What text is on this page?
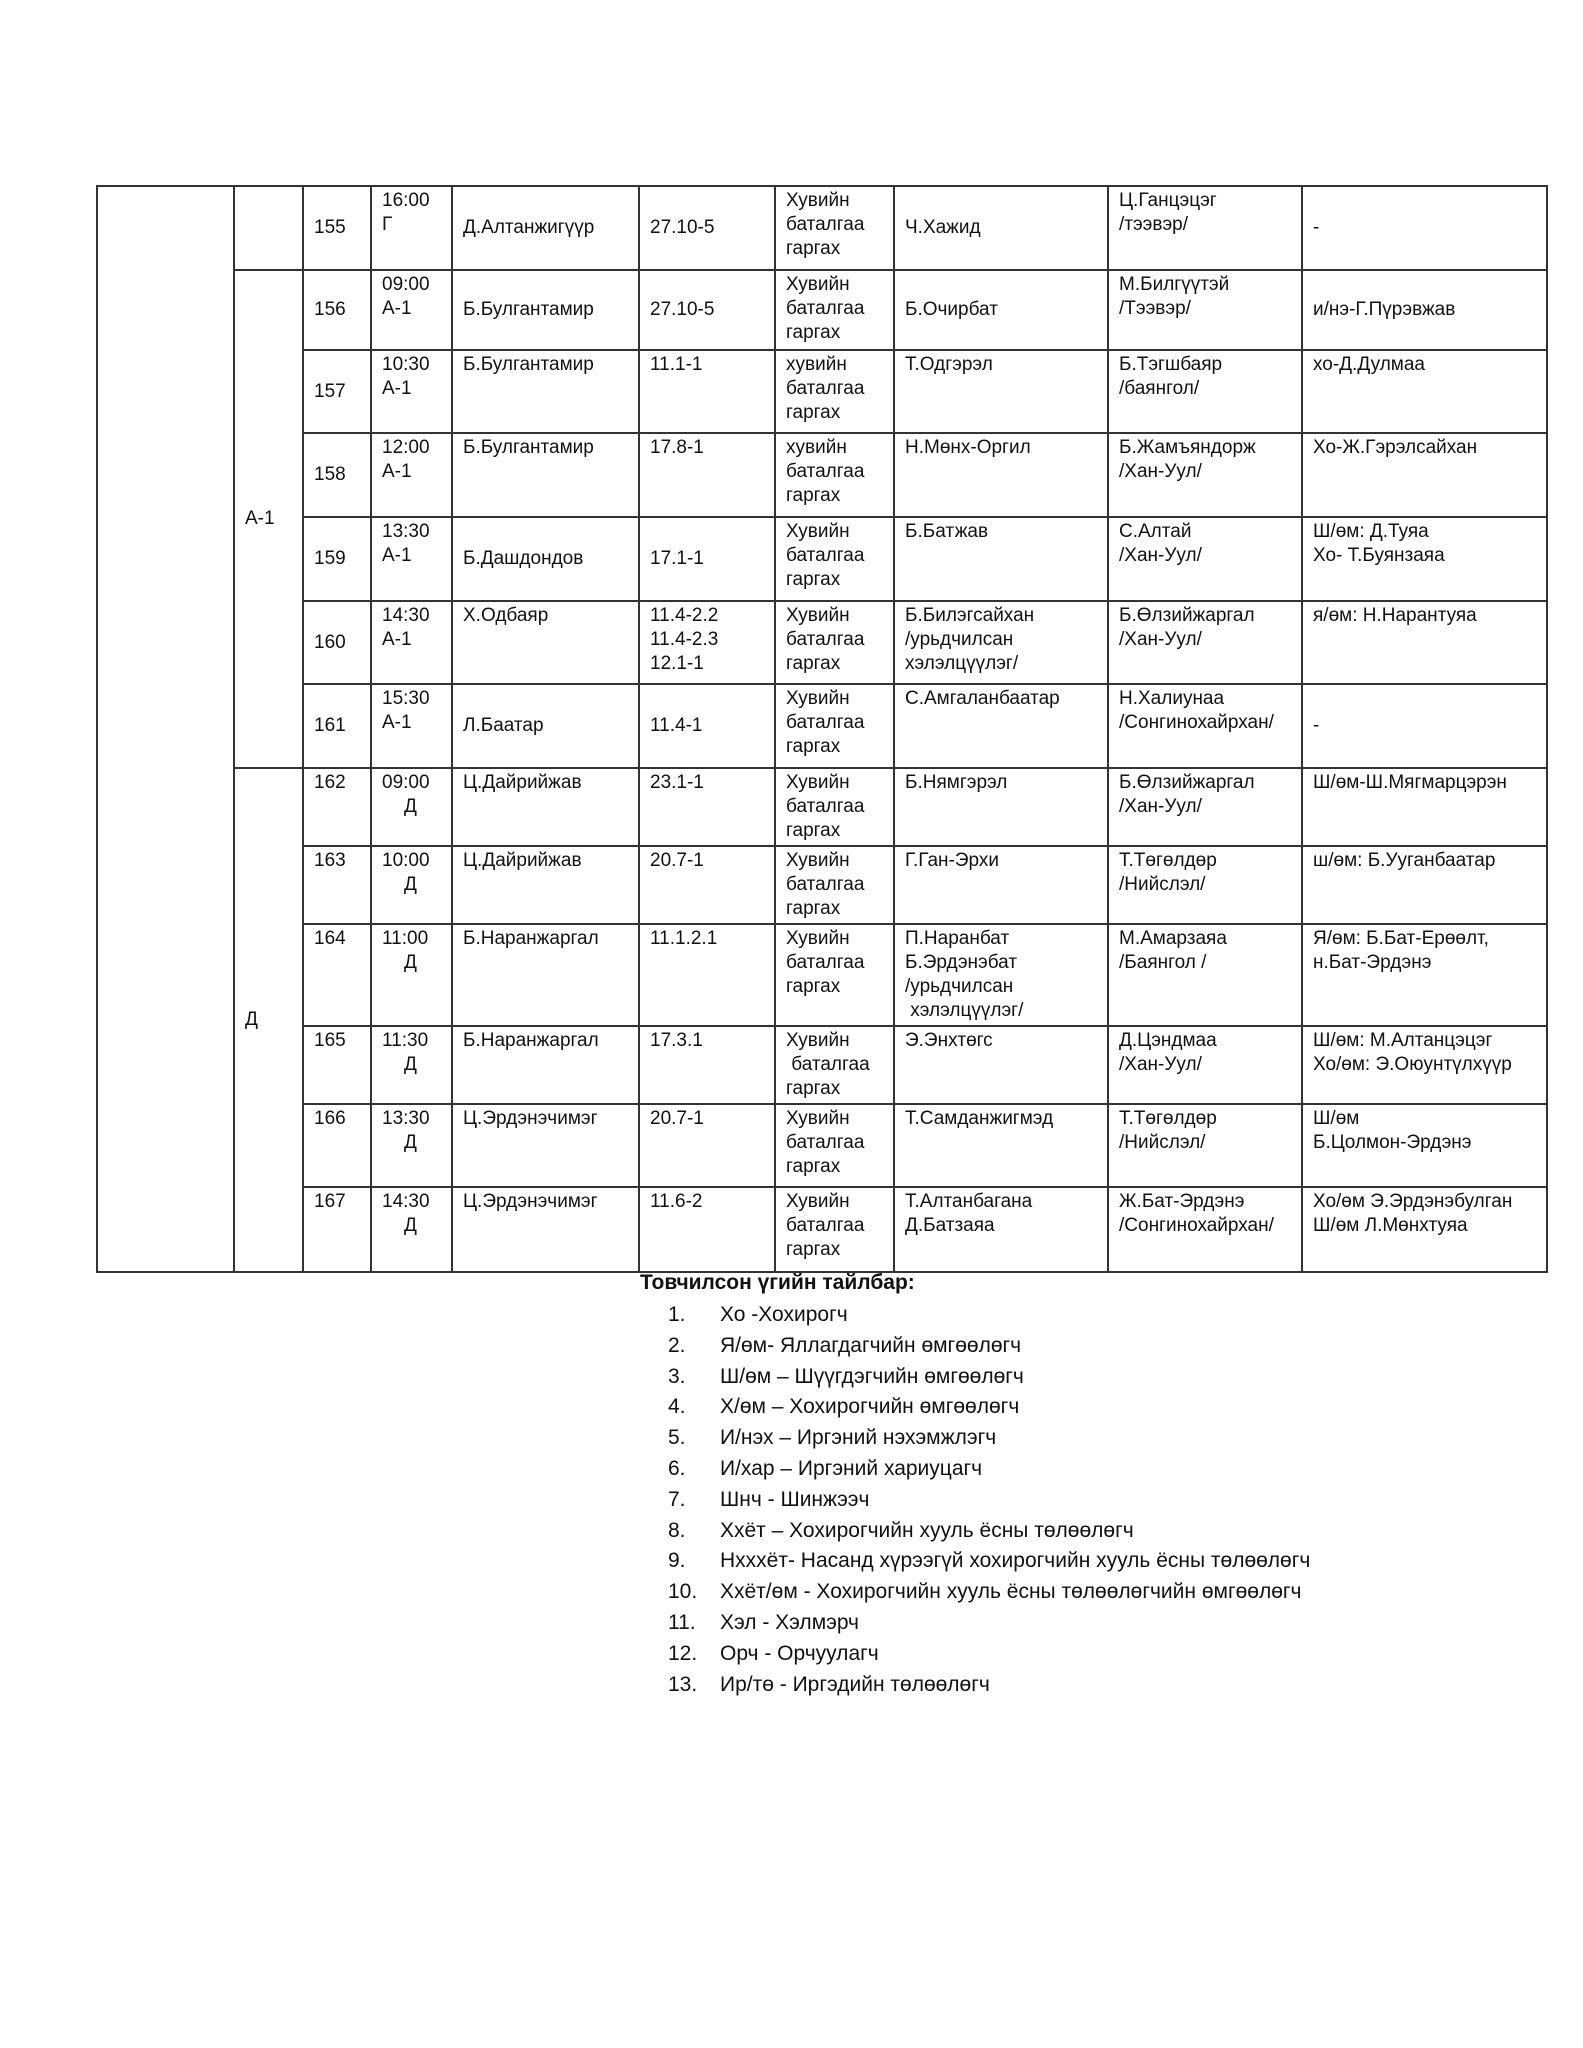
		155	16:00
Г	Д.Алтанжигүүр	27.10-5	Хувийн
баталгаа
гаргах	Ч.Хажид	Ц.Ганцэцэг
/тээвэр/	-

	А-1	156	09:00
А-1	Б.Булгантамир	27.10-5	Хувийн
баталгаа
гаргах	Б.Очирбат	М.Билгүүтэй
/Тээвэр/	и/нэ-Г.Пүрэвжав

		157	10:30
А-1	Б.Булгантамир	11.1-1	хувийн
баталгаа
гаргах	Т.Одгэрэл	Б.Тэгшбаяр
/баянгол/	хо-Д.Дулмаа

		158	12:00
А-1	Б.Булгантамир	17.8-1	хувийн
баталгаа
гаргах	Н.Мөнх-Оргил	Б.Жамъяндорж
/Хан-Уул/	Хо-Ж.Гэрэлсайхан

		159	13:30
А-1	Б.Дашдондов	17.1-1	Хувийн
баталгаа
гаргах	Б.Батжав	С.Алтай
/Хан-Уул/	Ш/өм: Д.Туяа
Хо- Т.Буянзаяа

		160	14:30
А-1	Х.Одбаяр	11.4-2.2
11.4-2.3
12.1-1	Хувийн
баталгаа
гаргах	Б.Билэгсайхан
/урьдчилсан
хэлэлцүүлэг/	Б.Өлзийжаргал
/Хан-Уул/	я/өм: Н.Нарантуяа

		161	15:30
А-1	Л.Баатар	11.4-1	Хувийн
баталгаа
гаргах	С.Амгаланбаатар	Н.Халиунаа
/Сонгинохайрхан/	-

	Д	162	09:00
Д	Ц.Дайрийжав	23.1-1	Хувийн
баталгаа
гаргах	Б.Нямгэрэл	Б.Өлзийжаргал
/Хан-Уул/	Ш/өм-Ш.Мягмарцэрэн

		163	10:00
Д	Ц.Дайрийжав	20.7-1	Хувийн
баталгаа
гаргах	Г.Ган-Эрхи	Т.Төгөлдөр
/Нийслэл/	ш/өм: Б.Ууганбаатар

		164	11:00
Д	Б.Наранжаргал	11.1.2.1	Хувийн
баталгаа
гаргах	П.Наранбат
Б.Эрдэнэбат
/урьдчилсан
хэлэлцүүлэг/	М.Амарзаяа
/Баянгол /	Я/өм: Б.Бат-Ерөөлт,
н.Бат-Эрдэнэ

		165	11:30
Д	Б.Наранжаргал	17.3.1	Хувийн
баталгаа
гаргах	Э.Энхтөгс	Д.Цэндмаа
/Хан-Уул/	Ш/өм: М.Алтанцэцэг
Хо/өм: Э.Оюунтүлхүүр

		166	13:30
Д	Ц.Эрдэнэчимэг	20.7-1	Хувийн
баталгаа
гаргах	Т.Самданжигмэд	Т.Төгөлдөр
/Нийслэл/	Ш/өм
Б.Цолмон-Эрдэнэ

		167	14:30
Д	Ц.Эрдэнэчимэг	11.6-2	Хувийн
баталгаа
гаргах	Т.Алтанбагана
Д.Батзаяа	Ж.Бат-Эрдэнэ
/Сонгинохайрхан/	Хо/өм Э.Эрдэнэбулган
Ш/өм Л.Мөнхтуяа
Товчилсон үгийн тайлбар:
1.	Хо -Хохирогч
2.	Я/өм- Яллагдагчийн өмгөөлөгч
3.	Ш/өм – Шүүгдэгчийн өмгөөлөгч
4.	Х/өм – Хохирогчийн өмгөөлөгч
5.	И/нэх – Иргэний нэхэмжлэгч
6.	И/хар – Иргэний хариуцагч
7.	Шнч - Шинжээч
8.	Ххёт – Хохирогчийн хууль ёсны төлөөлөгч
9.	Нхххёт- Насанд хүрээгүй хохирогчийн хууль ёсны төлөөлөгч
10.	Ххёт/өм - Хохирогчийн хууль ёсны төлөөлөгчийн өмгөөлөгч
11.	Хэл - Хэлмэрч
12.	Орч - Орчуулагч
13.	Ир/тө - Иргэдийн төлөөлөгч
